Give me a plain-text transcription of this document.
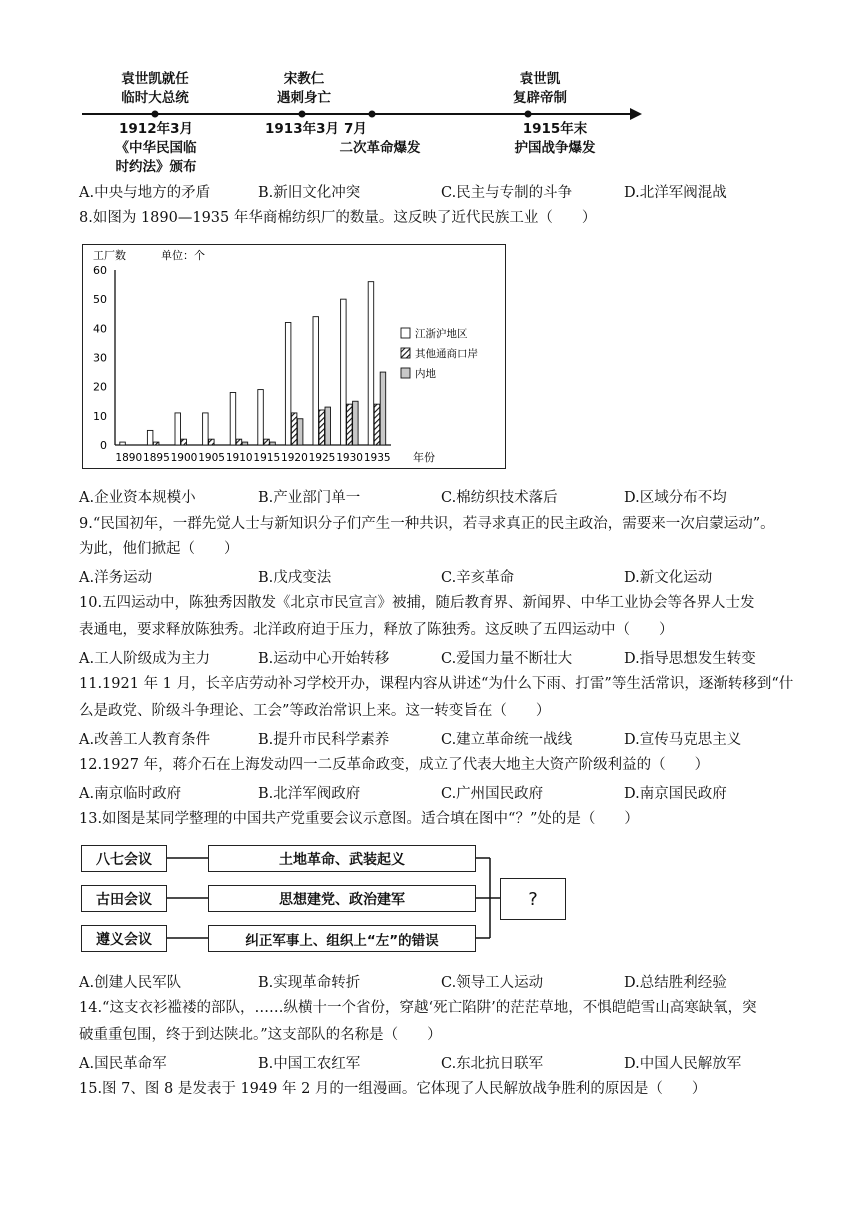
袁世凯就任
临时大总统
宋教仁
遇刺身亡
袁世凯
复辟帝制
1912年3月
《中华民国临
时约法》颁布
1913年3月 7月
二次革命爆发
1915年末
护国战争爆发
A.中央与地方的矛盾	B.新旧文化冲突	C.民主与专制的斗争	D.北洋军阀混战
8.如图为 1890—1935 年华商棉纺织厂的数量。这反映了近代民族工业（　　）
工厂数	单位：个
0
10
20
30
40
50
60
1890 1895 1900 1905 1910 1915 1920 1925 1930 1935 年份
江浙沪地区
其他通商口岸
内地
A.企业资本规模小	B.产业部门单一	C.棉纺织技术落后	D.区域分布不均
9.“民国初年，一群先觉人士与新知识分子们产生一种共识，若寻求真正的民主政治，需要来一次启蒙运动”。
为此，他们掀起（　　）
A.洋务运动	B.戊戌变法	C.辛亥革命	D.新文化运动
10.五四运动中，陈独秀因散发《北京市民宣言》被捕，随后教育界、新闻界、中华工业协会等各界人士发
表通电，要求释放陈独秀。北洋政府迫于压力，释放了陈独秀。这反映了五四运动中（　　）
A.工人阶级成为主力	B.运动中心开始转移	C.爱国力量不断壮大	D.指导思想发生转变
11.1921 年 1 月，长辛店劳动补习学校开办，课程内容从讲述“为什么下雨、打雷”等生活常识，逐渐转移到“什
么是政党、阶级斗争理论、工会”等政治常识上来。这一转变旨在（　　）
A.改善工人教育条件	B.提升市民科学素养	C.建立革命统一战线	D.宣传马克思主义
12.1927 年，蒋介石在上海发动四一二反革命政变，成立了代表大地主大资产阶级利益的（　　）
A.南京临时政府	B.北洋军阀政府	C.广州国民政府	D.南京国民政府
13.如图是某同学整理的中国共产党重要会议示意图。适合填在图中“？”处的是（　　）
八七会议
古田会议
遵义会议
土地革命、武装起义
思想建党、政治建军
纠正军事上、组织上“左”的错误
?
A.创建人民军队	B.实现革命转折	C.领导工人运动	D.总结胜利经验
14.“这支衣衫褴褛的部队，……纵横十一个省份，穿越‘死亡陷阱’的茫茫草地，不惧皑皑雪山高寒缺氧，突
破重重包围，终于到达陕北。”这支部队的名称是（　　）
A.国民革命军	B.中国工农红军	C.东北抗日联军	D.中国人民解放军
15.图 7、图 8 是发表于 1949 年 2 月的一组漫画。它体现了人民解放战争胜利的原因是（　　）
